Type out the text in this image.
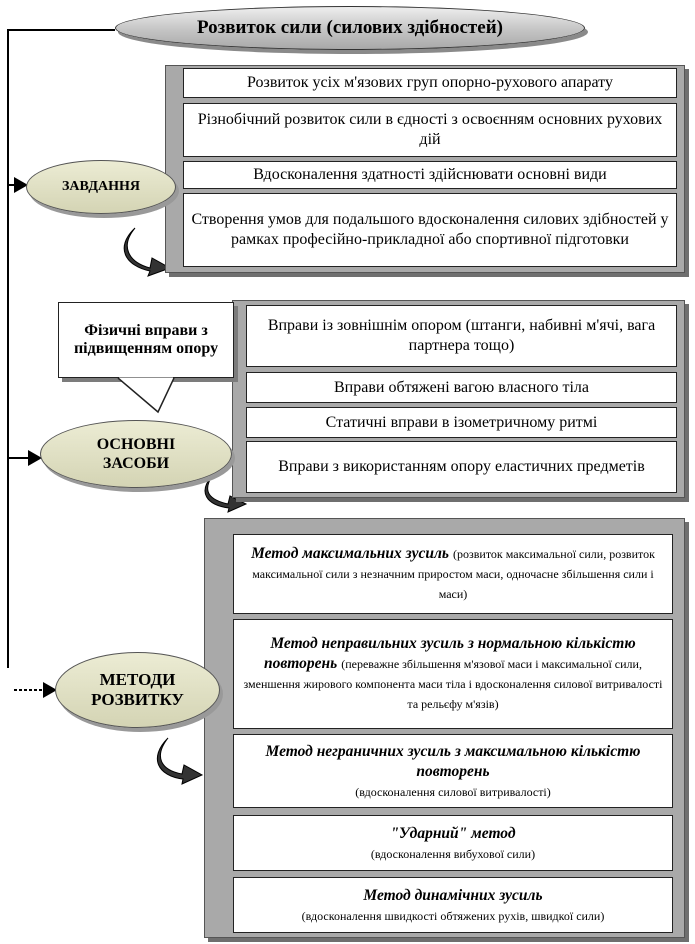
Розвиток сили (силових здібностей)
Розвиток усіх м'язових груп опорно-рухового апарату
Різнобічний розвиток сили в єдності з освоєнням основних рухових дій
Вдосконалення здатності здійснювати основні види
Створення умов для подальшого вдосконалення силових здібностей у рамках професійно-прикладної або спортивної підготовки
ЗАВДАННЯ
Вправи із зовнішнім опором (штанги, набивні м'ячі, вага партнера тощо)
Вправи обтяжені вагою власного тіла
Статичні вправи в ізометричному ритмі
Вправи з використанням опору еластичних предметів
Фізичні вправи з підвищенням опору
ОСНОВНІ ЗАСОБИ
Метод максимальних зусиль (розвиток максимальної сили, розвиток максимальної сили з незначним приростом маси, одночасне збільшення сили і маси)
Метод неправильних зусиль з нормальною кількістю повторень (переважне збільшення м'язової маси і максимальної сили, зменшення жирового компонента маси тіла і вдосконалення силової витривалості та рельєфу м'язів)
Метод неграничних зусиль з максимальною кількістю повторень
(вдосконалення силової витривалості)
"Ударний" метод
(вдосконалення вибухової сили)
Метод динамічних зусиль
(вдосконалення швидкості обтяжених рухів, швидкої сили)
МЕТОДИ РОЗВИТКУ
